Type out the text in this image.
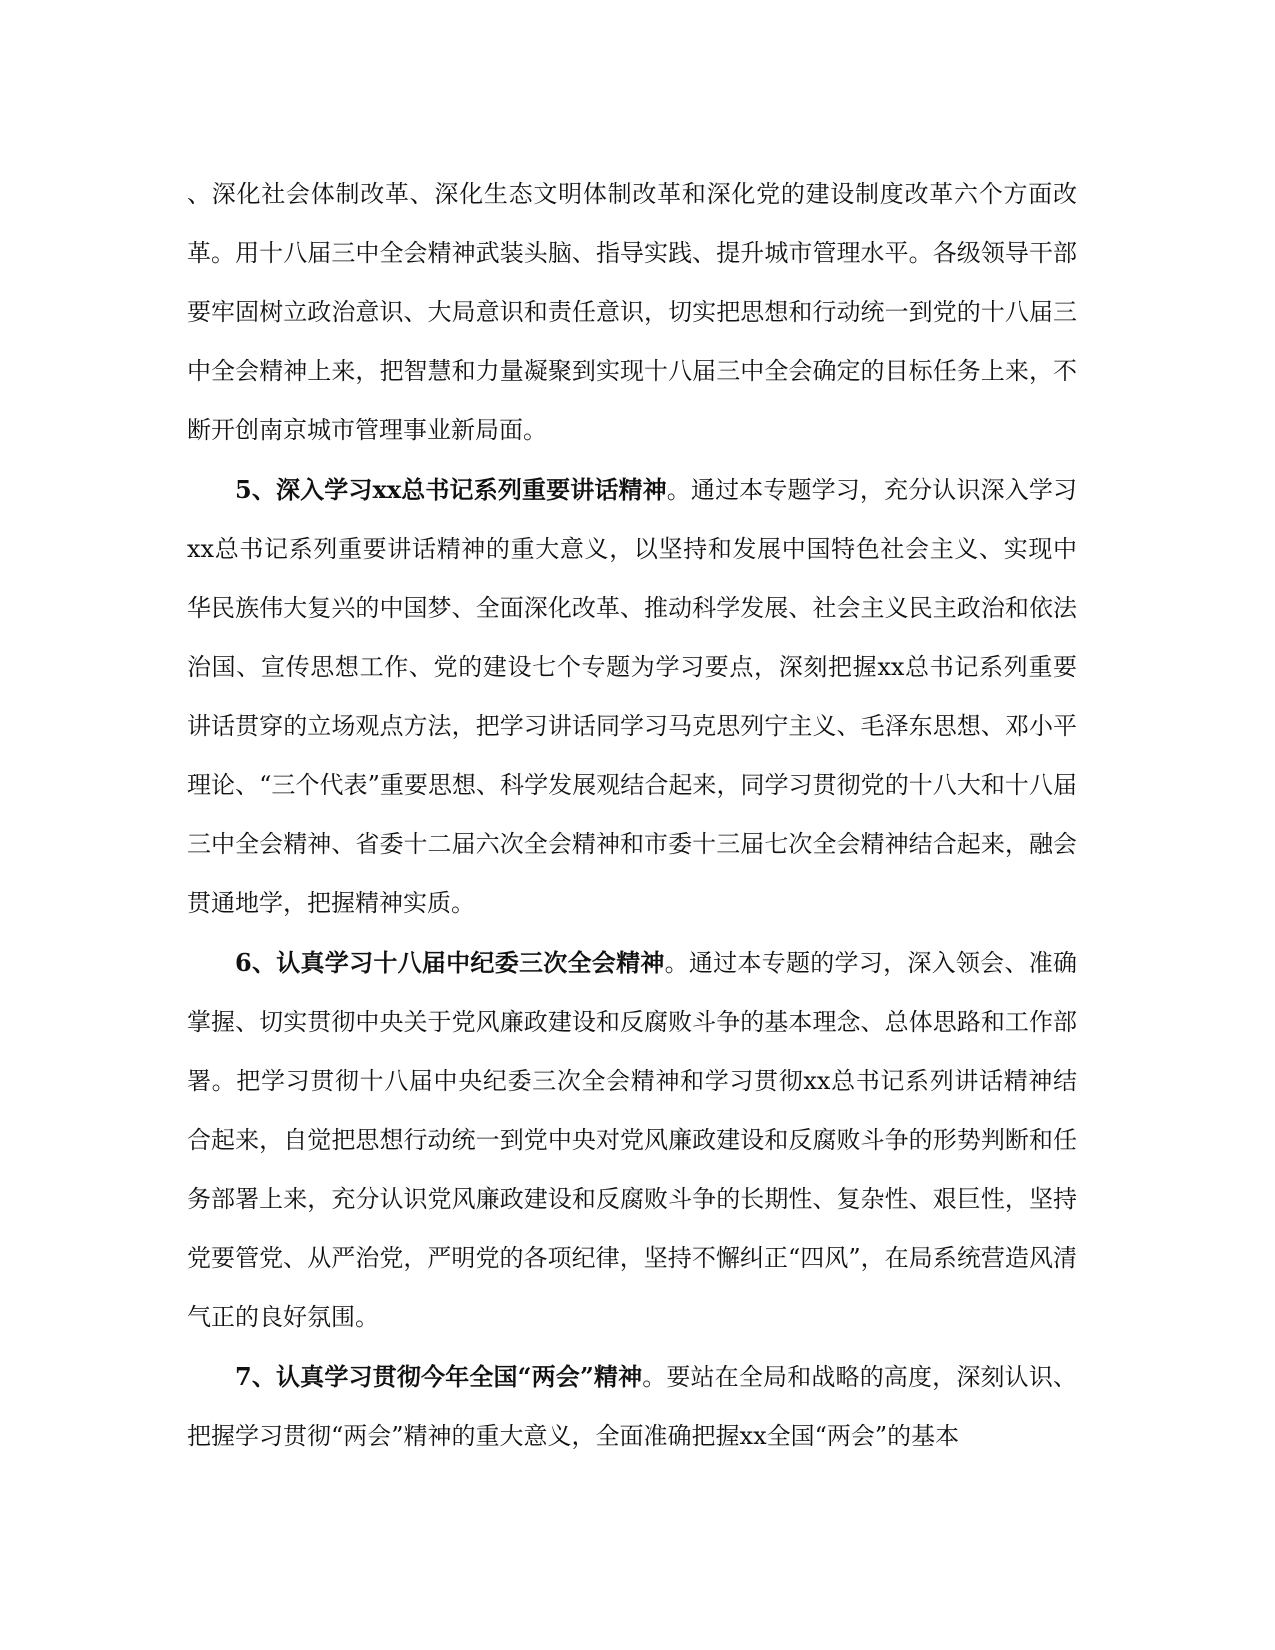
、深化社会体制改革、深化生态文明体制改革和深化党的建设制度改革六个方面改革。用十八届三中全会精神武装头脑、指导实践、提升城市管理水平。各级领导干部要牢固树立政治意识、大局意识和责任意识，切实把思想和行动统一到党的十八届三中全会精神上来，把智慧和力量凝聚到实现十八届三中全会确定的目标任务上来，不断开创南京城市管理事业新局面。

5、深入学习xx总书记系列重要讲话精神。通过本专题学习，充分认识深入学习xx总书记系列重要讲话精神的重大意义，以坚持和发展中国特色社会主义、实现中华民族伟大复兴的中国梦、全面深化改革、推动科学发展、社会主义民主政治和依法治国、宣传思想工作、党的建设七个专题为学习要点，深刻把握xx总书记系列重要讲话贯穿的立场观点方法，把学习讲话同学习马克思列宁主义、毛泽东思想、邓小平理论、“三个代表”重要思想、科学发展观结合起来，同学习贯彻党的十八大和十八届三中全会精神、省委十二届六次全会精神和市委十三届七次全会精神结合起来，融会贯通地学，把握精神实质。

6、认真学习十八届中纪委三次全会精神。通过本专题的学习，深入领会、准确掌握、切实贯彻中央关于党风廉政建设和反腐败斗争的基本理念、总体思路和工作部署。把学习贯彻十八届中央纪委三次全会精神和学习贯彻xx总书记系列讲话精神结合起来，自觉把思想行动统一到党中央对党风廉政建设和反腐败斗争的形势判断和任务部署上来，充分认识党风廉政建设和反腐败斗争的长期性、复杂性、艰巨性，坚持党要管党、从严治党，严明党的各项纪律，坚持不懈纠正“四风”，在局系统营造风清气正的良好氛围。

7、认真学习贯彻今年全国“两会”精神。要站在全局和战略的高度，深刻认识、把握学习贯彻“两会”精神的重大意义，全面准确把握xx全国“两会”的基本
